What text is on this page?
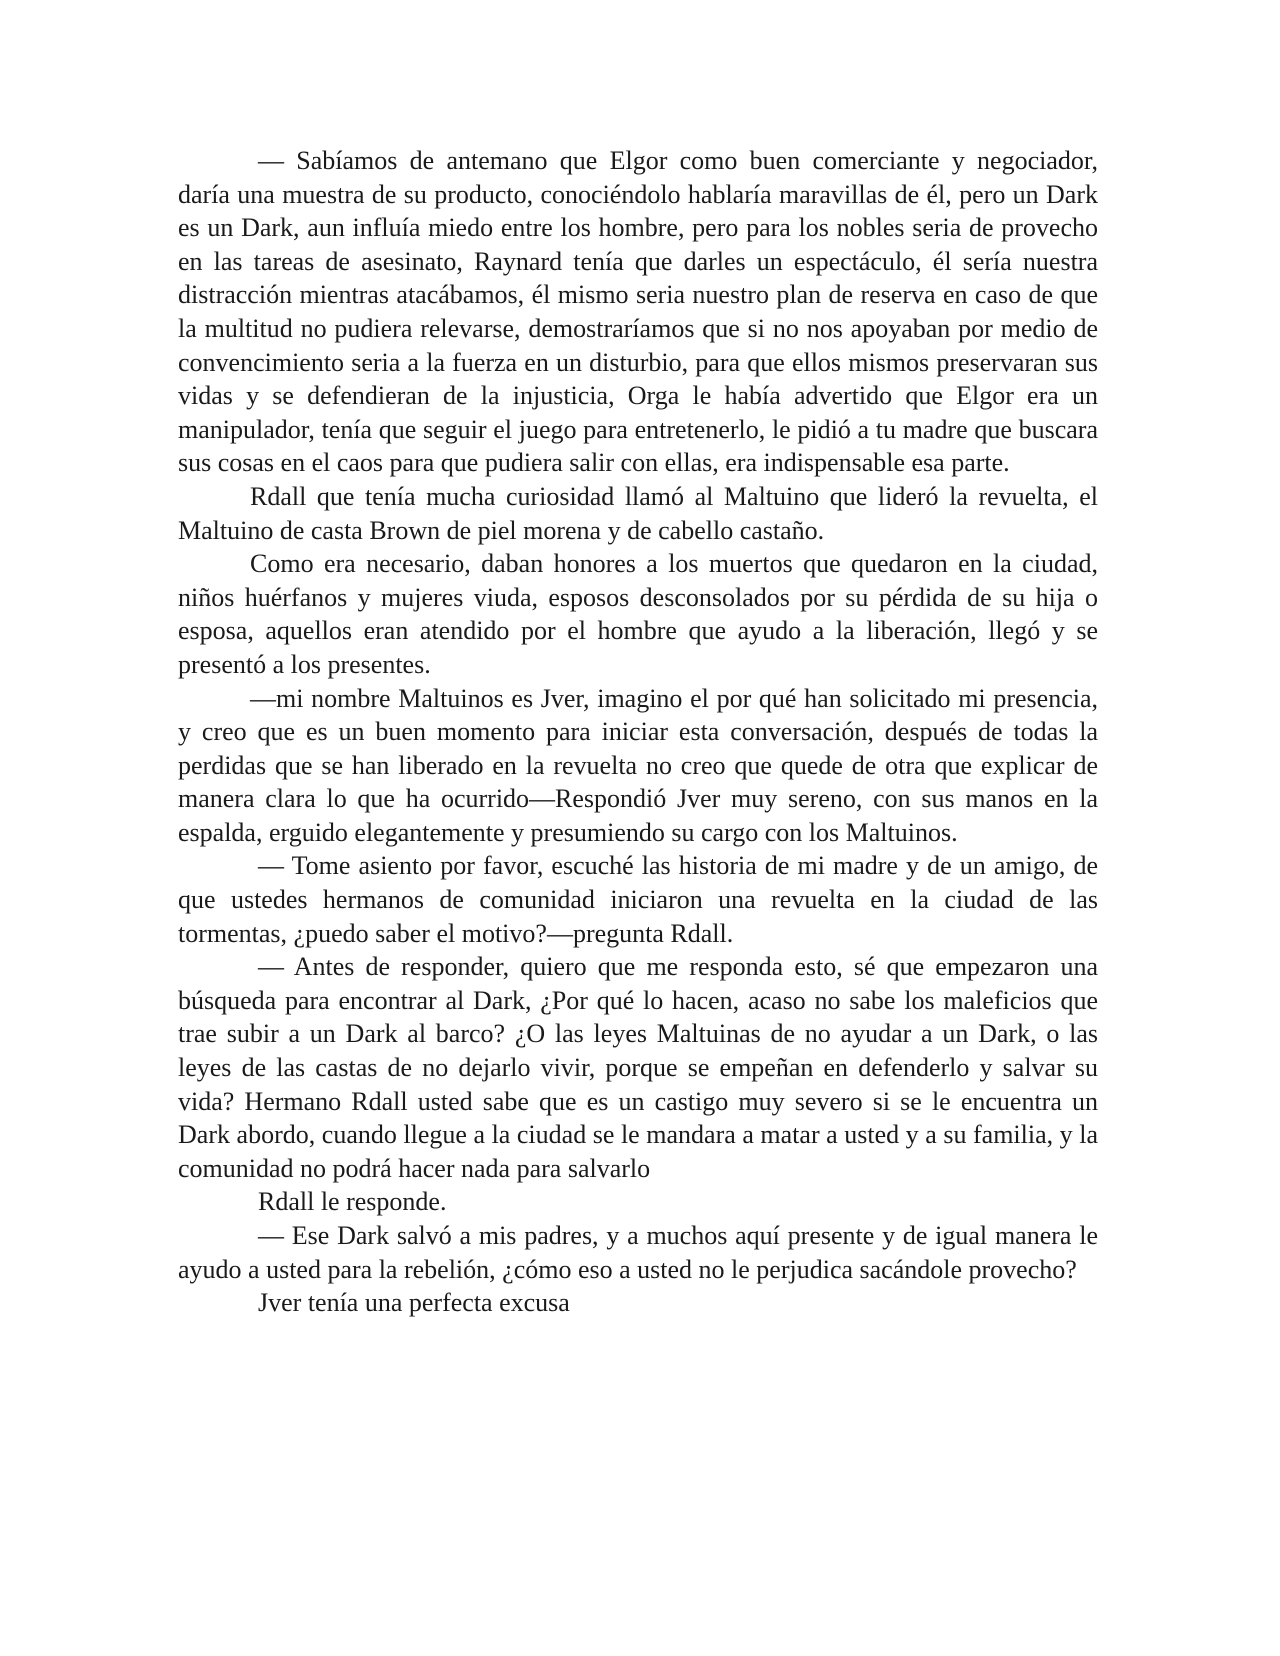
— Sabíamos de antemano que Elgor como buen comerciante y negociador, daría una muestra de su producto, conociéndolo hablaría maravillas de él, pero un Dark es un Dark, aun influía miedo entre los hombre, pero para los nobles seria de provecho en las tareas de asesinato, Raynard tenía que darles un espectáculo, él sería nuestra distracción mientras atacábamos, él mismo seria nuestro plan de reserva en caso de que la multitud no pudiera relevarse, demostraríamos que si no nos apoyaban por medio de convencimiento seria a la fuerza en un disturbio, para que ellos mismos preservaran sus vidas y se defendieran de la injusticia, Orga le había advertido que Elgor era un manipulador, tenía que seguir el juego para entretenerlo, le pidió a tu madre que buscara sus cosas en el caos para que pudiera salir con ellas, era indispensable esa parte.

Rdall que tenía mucha curiosidad llamó al Maltuino que lideró la revuelta, el Maltuino de casta Brown de piel morena y de cabello castaño.

Como era necesario, daban honores a los muertos que quedaron en la ciudad, niños huérfanos y mujeres viuda, esposos desconsolados por su pérdida de su hija o esposa, aquellos eran atendido por el hombre que ayudo a la liberación, llegó y se presentó a los presentes.

—mi nombre Maltuinos es Jver, imagino el por qué han solicitado mi presencia, y creo que es un buen momento para iniciar esta conversación, después de todas la perdidas que se han liberado en la revuelta no creo que quede de otra que explicar de manera clara lo que ha ocurrido—Respondió Jver muy sereno, con sus manos en la espalda, erguido elegantemente y presumiendo su cargo con los Maltuinos.

— Tome asiento por favor, escuché las historia de mi madre y de un amigo, de que ustedes hermanos de comunidad iniciaron una revuelta en la ciudad de las tormentas, ¿puedo saber el motivo?—pregunta Rdall.

— Antes de responder, quiero que me responda esto, sé que empezaron una búsqueda para encontrar al Dark, ¿Por qué lo hacen, acaso no sabe los maleficios que trae subir a un Dark al barco? ¿O las leyes Maltuinas de no ayudar a un Dark, o las leyes de las castas de no dejarlo vivir, porque se empeñan en defenderlo y salvar su vida? Hermano Rdall usted sabe que es un castigo muy severo si se le encuentra un Dark abordo, cuando llegue a la ciudad se le mandara a matar a usted y a su familia, y la comunidad no podrá hacer nada para salvarlo

Rdall le responde.

— Ese Dark salvó a mis padres, y a muchos aquí presente y de igual manera le ayudo a usted para la rebelión, ¿cómo eso a usted no le perjudica sacándole provecho?

Jver tenía una perfecta excusa
